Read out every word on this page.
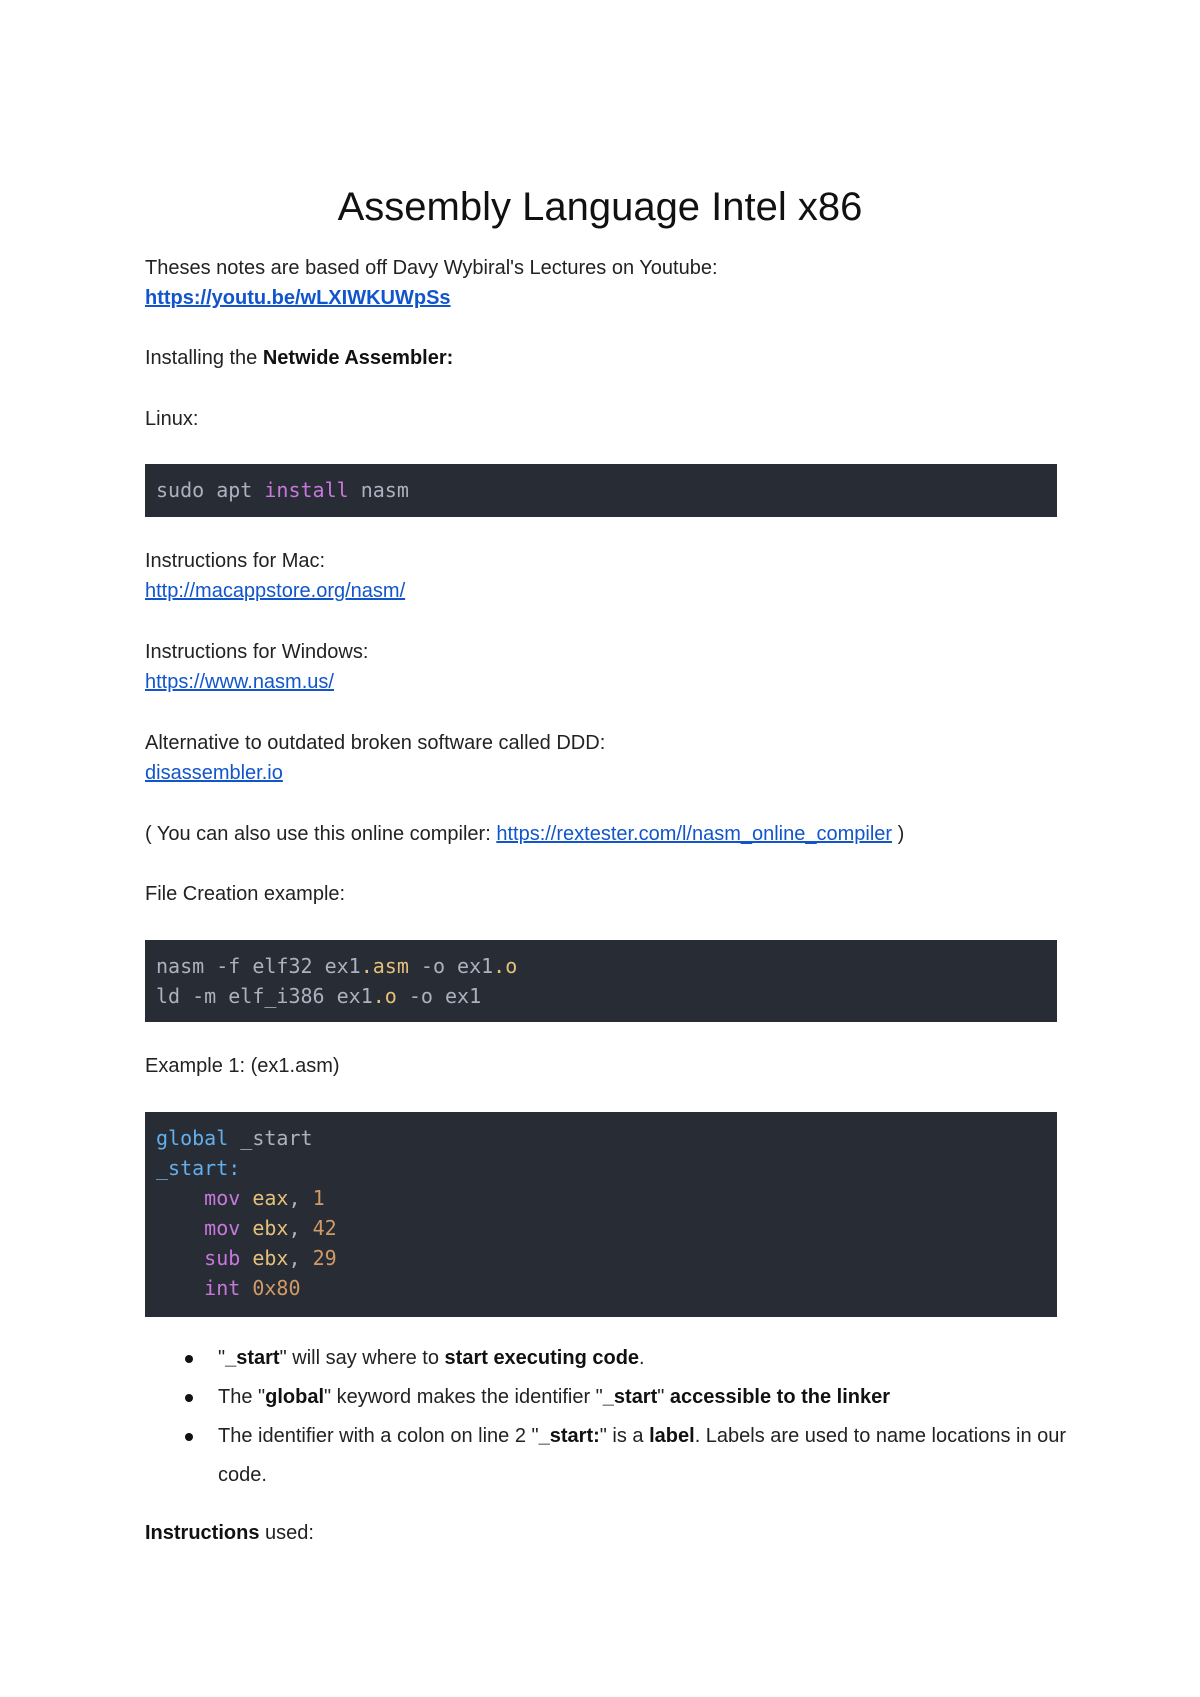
Assembly Language Intel x86
Theses notes are based off Davy Wybiral's Lectures on Youtube:
https://youtu.be/wLXIWKUWpSs
Installing the Netwide Assembler:
Linux:
sudo apt install nasm
Instructions for Mac:
http://macappstore.org/nasm/
Instructions for Windows:
https://www.nasm.us/
Alternative to outdated broken software called DDD:
disassembler.io
( You can also use this online compiler: https://rextester.com/l/nasm_online_compiler )
File Creation example:
nasm -f elf32 ex1.asm -o ex1.o
ld -m elf_i386 ex1.o -o ex1
Example 1: (ex1.asm)
global _start
_start:
mov eax, 1
mov ebx, 42
sub ebx, 29
int 0x80
"_start" will say where to start executing code.
The "global" keyword makes the identifier "_start" accessible to the linker
The identifier with a colon on line 2 "_start:" is a label. Labels are used to name locations in our code.
Instructions used:
